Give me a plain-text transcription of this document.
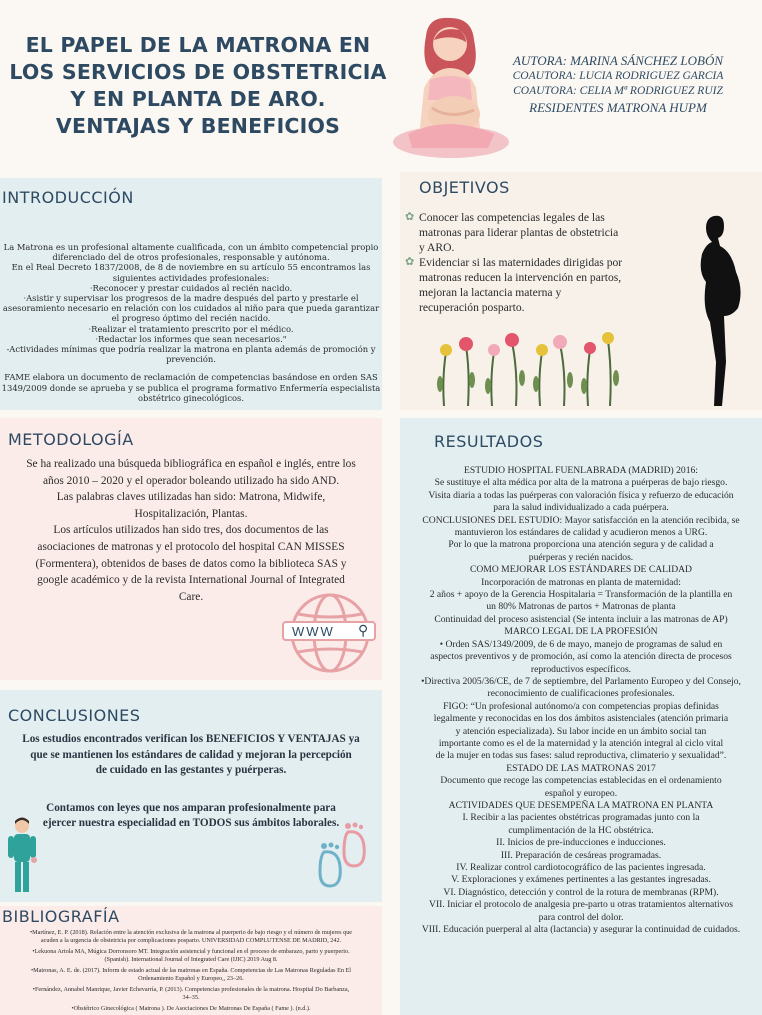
EL PAPEL DE LA MATRONA EN
LOS SERVICIOS DE OBSTETRICIA
Y EN PLANTA DE ARO.
VENTAJAS Y BENEFICIOS
AUTORA: MARINA SÁNCHEZ LOBÓN
COAUTORA: LUCIA RODRIGUEZ GARCIA
COAUTORA: CELIA Mª RODRIGUEZ RUIZ
RESIDENTES MATRONA HUPM
INTRODUCCIÓN
La Matrona es un profesional altamente cualificada, con un ámbito competencial propio
diferenciado del de otros profesionales, responsable y autónoma.
En el Real Decreto 1837/2008, de 8 de noviembre en su artículo 55 encontramos las
siguientes actividades profesionales:
·Reconocer y prestar cuidados al recién nacido.
·Asistir y supervisar los progresos de la madre después del parto y prestarle el
asesoramiento necesario en relación con los cuidados al niño para que pueda garantizar
el progreso óptimo del recién nacido.
·Realizar el tratamiento prescrito por el médico.
·Redactar los informes que sean necesarios."
-Actividades mínimas que podría realizar la matrona en planta además de promoción y
prevención.
FAME elabora un documento de reclamación de competencias basándose en orden SAS
1349/2009 donde se aprueba y se publica el programa formativo Enfermería especialista
obstétrico ginecológicos.
OBJETIVOS
✿ Conocer las competencias legales de las
matronas para liderar plantas de obstetricia
y ARO.
✿ Evidenciar si las maternidades dirigidas por
matronas reducen la intervención en partos,
mejoran la lactancia materna y
recuperación posparto.
METODOLOGÍA
Se ha realizado una búsqueda bibliográfica en español e inglés, entre los
años 2010 – 2020 y el operador boleando utilizado ha sido AND.
Las palabras claves utilizadas han sido: Matrona, Midwife,
Hospitalización, Plantas.
Los artículos utilizados han sido tres, dos documentos de las
asociaciones de matronas y el protocolo del hospital CAN MISSES
(Formentera), obtenidos de bases de datos como la biblioteca SAS y
google académico y de la revista International Journal of Integrated
Care.
WWW ⚲
RESULTADOS
ESTUDIO HOSPITAL FUENLABRADA (MADRID) 2016:
Se sustituye el alta médica por alta de la matrona a puérperas de bajo riesgo.
Visita diaria a todas las puérperas con valoración física y refuerzo de educación
para la salud individualizado a cada puérpera.
CONCLUSIONES DEL ESTUDIO: Mayor satisfacción en la atención recibida, se
mantuvieron los estándares de calidad y acudieron menos a URG.
Por lo que la matrona proporciona una atención segura y de calidad a
puérperas y recién nacidos.
COMO MEJORAR LOS ESTÁNDARES DE CALIDAD
Incorporación de matronas en planta de maternidad:
2 años + apoyo de la Gerencia Hospitalaria = Transformación de la plantilla en
un 80% Matronas de partos + Matronas de planta
Continuidad del proceso asistencial (Se intenta incluir a las matronas de AP)
MARCO LEGAL DE LA PROFESIÓN
• Orden SAS/1349/2009, de 6 de mayo, manejo de programas de salud en
aspectos preventivos y de promoción, así como la atención directa de procesos
reproductivos específicos.
•Directiva 2005/36/CE, de 7 de septiembre, del Parlamento Europeo y del Consejo,
reconocimiento de cualificaciones profesionales.
FIGO: “Un profesional autónomo/a con competencias propias definidas
legalmente y reconocidas en los dos ámbitos asistenciales (atención primaria
y atención especializada). Su labor incide en un ámbito social tan
importante como es el de la maternidad y la atención integral al ciclo vital
de la mujer en todas sus fases: salud reproductiva, climaterio y sexualidad”.
ESTADO DE LAS MATRONAS 2017
Documento que recoge las competencias establecidas en el ordenamiento
español y europeo.
ACTIVIDADES QUE DESEMPEÑA LA MATRONA EN PLANTA
I. Recibir a las pacientes obstétricas programadas junto con la
cumplimentación de la HC obstétrica.
II. Inicios de pre-inducciones e inducciones.
III. Preparación de cesáreas programadas.
IV. Realizar control cardiotocográfico de las pacientes ingresada.
V. Exploraciones y exámenes pertinentes a las gestantes ingresadas.
VI. Diagnóstico, detección y control de la rotura de membranas (RPM).
VII. Iniciar el protocolo de analgesia pre-parto u otras tratamientos alternativos
para control del dolor.
VIII. Educación puerperal al alta (lactancia) y asegurar la continuidad de cuidados.
CONCLUSIONES
Los estudios encontrados verifican los BENEFICIOS Y VENTAJAS ya
que se mantienen los estándares de calidad y mejoran la percepción
de cuidado en las gestantes y puérperas.
Contamos con leyes que nos amparan profesionalmente para
ejercer nuestra especialidad en TODOS sus ámbitos laborales.
BIBLIOGRAFÍA
•Martínez, E. P. (2018). Relación entre la atención exclusiva de la matrona al puerperio de bajo riesgo y el número de mujeres que
acuden a la urgencia de obstetricia por complicaciones posparto. UNIVERSIDAD COMPLUTENSE DE MADRID, 242.
•Lekuona Artola MA, Múgica Dorronsoro MT. Integración asistencial y funcional en el proceso de embarazo, parto y puerperio.
(Spanish). International Journal of Integrated Care (IJIC) 2019 Aug 8.
•Matronas, A. E. de. (2017). Inform de estado actual de las matronas en España. Competencias de Las Matronas Reguladas En El
Ordenamiento Español y Europeo,, 23–26.
•Fernández, Annabel Manrique, Javier Echevarría, P. (2013). Competencias profesionales de la matrona. Hospital Do Barbanza,
34–35.
•Obstétrico Ginecológica ( Matrona ). De Asociaciones De Matronas De España ( Fame ). (n.d.).
